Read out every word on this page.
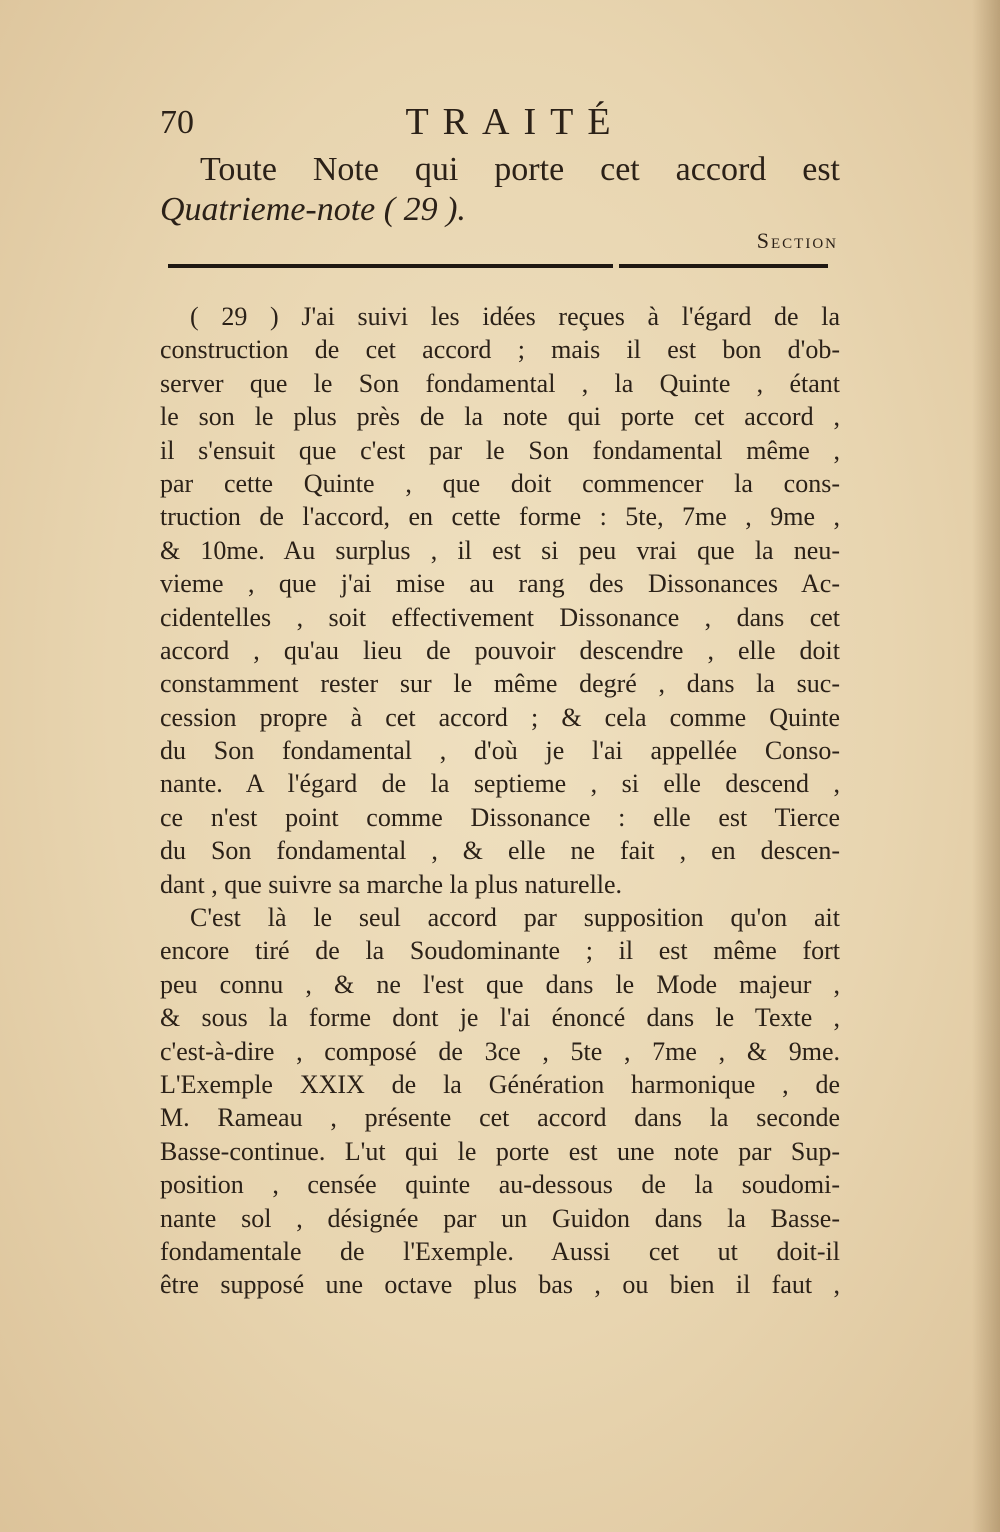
70	TRAITÉ
Toute Note qui porte cet accord est
Quatrieme-note ( 29 ).
Section
( 29 ) J'ai suivi les idées reçues à l'égard de la
construction de cet accord ; mais il est bon d'ob-
server que le Son fondamental , la Quinte , étant
le son le plus près de la note qui porte cet accord ,
il s'ensuit que c'est par le Son fondamental même ,
par cette Quinte , que doit commencer la cons-
truction de l'accord, en cette forme : 5te, 7me , 9me ,
& 10me. Au surplus , il est si peu vrai que la neu-
vieme , que j'ai mise au rang des Dissonances Ac-
cidentelles , soit effectivement Dissonance , dans cet
accord , qu'au lieu de pouvoir descendre , elle doit
constamment rester sur le même degré , dans la suc-
cession propre à cet accord ; & cela comme Quinte
du Son fondamental , d'où je l'ai appellée Conso-
nante. A l'égard de la septieme , si elle descend ,
ce n'est point comme Dissonance : elle est Tierce
du Son fondamental , & elle ne fait , en descen-
dant , que suivre sa marche la plus naturelle.
C'est là le seul accord par supposition qu'on ait
encore tiré de la Soudominante ; il est même fort
peu connu , & ne l'est que dans le Mode majeur ,
& sous la forme dont je l'ai énoncé dans le Texte ,
c'est-à-dire , composé de 3ce , 5te , 7me , & 9me.
L'Exemple XXIX de la Génération harmonique , de
M. Rameau , présente cet accord dans la seconde
Basse-continue. L'ut qui le porte est une note par Sup-
position , censée quinte au-dessous de la soudomi-
nante sol , désignée par un Guidon dans la Basse-
fondamentale de l'Exemple. Aussi cet ut doit-il
être supposé une octave plus bas , ou bien il faut ,
